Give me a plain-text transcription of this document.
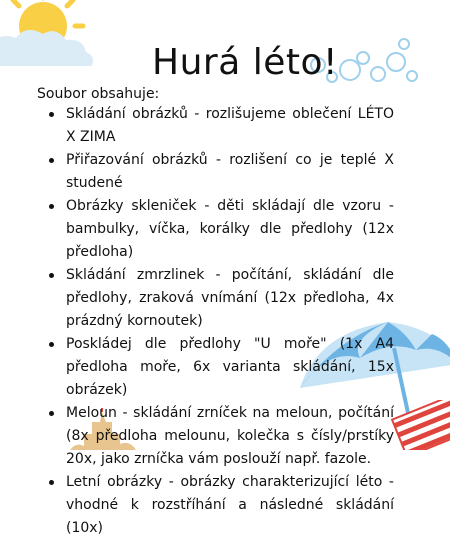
Hurá léto!
Soubor obsahuje:
Skládání obrázků - rozlišujeme oblečení LÉTO X ZIMA
Přiřazování obrázků - rozlišení co je teplé X studené
Obrázky skleniček - děti skládají dle vzoru - bambulky, víčka, korálky dle předlohy (12x předloha)
Skládání zmrzlinek - počítání, skládání dle předlohy, zraková vnímání (12x předloha, 4x prázdný kornoutek)
Poskládej dle předlohy "U moře" (1x A4 předloha moře, 6x varianta skládání, 15x obrázek)
Meloun - skládání zrníček na meloun, počítání (8x předloha melounu, kolečka s čísly/prstíky 20x, jako zrníčka vám poslouží např. fazole.
Letní obrázky - obrázky charakterizující léto - vhodné k rozstříhání a následné skládání (10x)
